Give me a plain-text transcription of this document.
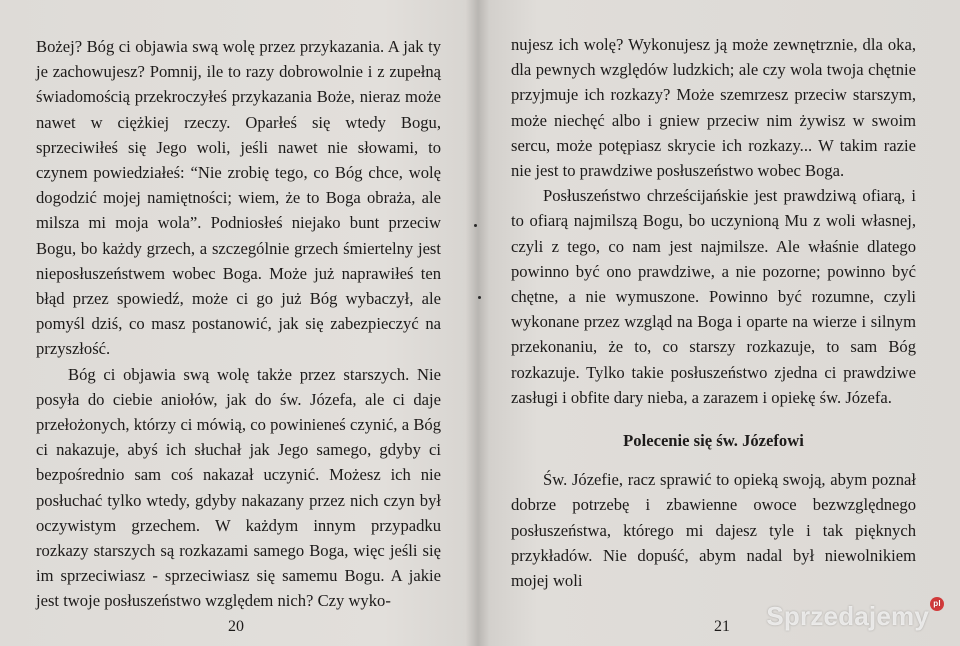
Bożej? Bóg ci objawia swą wolę przez przykazania. A jak ty je zachowujesz? Pomnij, ile to razy dobrowolnie i z zupełną świadomością przekroczyłeś przykazania Boże, nieraz może nawet w ciężkiej rzeczy. Oparłeś się wtedy Bogu, sprzeciwiłeś się Jego woli, jeśli nawet nie słowami, to czynem powiedziałeś: “Nie zrobię tego, co Bóg chce, wolę dogodzić mojej namiętności; wiem, że to Boga obraża, ale milsza mi moja wola”. Podniosłeś niejako bunt przeciw Bogu, bo każdy grzech, a szczególnie grzech śmiertelny jest nieposłuszeństwem wobec Boga. Może już naprawiłeś ten błąd przez spowiedź, może ci go już Bóg wybaczył, ale pomyśl dziś, co masz postanowić, jak się zabezpieczyć na przyszłość.

Bóg ci objawia swą wolę także przez starszych. Nie posyła do ciebie aniołów, jak do św. Józefa, ale ci daje przełożonych, którzy ci mówią, co powinieneś czynić, a Bóg ci nakazuje, abyś ich słuchał jak Jego samego, gdyby ci bezpośrednio sam coś nakazał uczynić. Możesz ich nie posłuchać tylko wtedy, gdyby nakazany przez nich czyn był oczywistym grzechem. W każdym innym przypadku rozkazy starszych są rozkazami samego Boga, więc jeśli się im sprzeciwiasz - sprzeciwiasz się samemu Bogu. A jakie jest twoje posłuszeństwo względem nich? Czy wyko-

20

nujesz ich wolę? Wykonujesz ją może zewnętrznie, dla oka, dla pewnych względów ludzkich; ale czy wola twoja chętnie przyjmuje ich rozkazy? Może szemrzesz przeciw starszym, może niechęć albo i gniew przeciw nim żywisz w swoim sercu, może potępiasz skrycie ich rozkazy... W takim razie nie jest to prawdziwe posłuszeństwo wobec Boga.

Posłuszeństwo chrześcijańskie jest prawdziwą ofiarą, i to ofiarą najmilszą Bogu, bo uczynioną Mu z woli własnej, czyli z tego, co nam jest najmilsze. Ale właśnie dlatego powinno być ono prawdziwe, a nie pozorne; powinno być chętne, a nie wymuszone. Powinno być rozumne, czyli wykonane przez wzgląd na Boga i oparte na wierze i silnym przekonaniu, że to, co starszy rozkazuje, to sam Bóg rozkazuje. Tylko takie posłuszeństwo zjedna ci prawdziwe zasługi i obfite dary nieba, a zarazem i opiekę św. Józefa.

Polecenie się św. Józefowi

Św. Józefie, racz sprawić to opieką swoją, abym poznał dobrze potrzebę i zbawienne owoce bezwzględnego posłuszeństwa, którego mi dajesz tyle i tak pięknych przykładów. Nie dopuść, abym nadal był niewolnikiem mojej woli

21 Sprzedajemy pl
